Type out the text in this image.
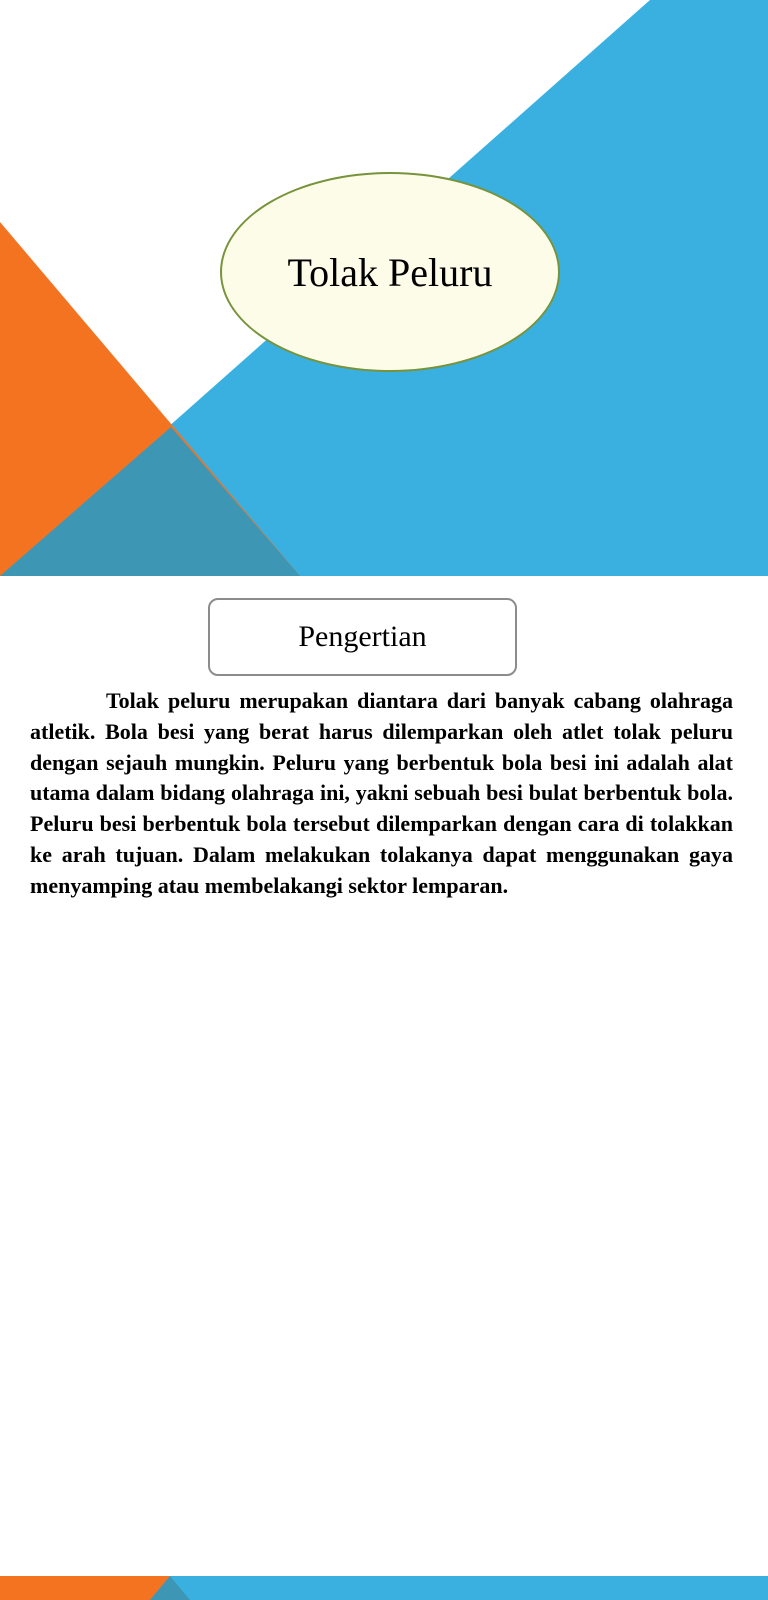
Tolak Peluru
Pengertian

Tolak peluru merupakan diantara dari banyak cabang olahraga atletik. Bola besi yang berat harus dilemparkan oleh atlet tolak peluru dengan sejauh mungkin. Peluru yang berbentuk bola besi ini adalah alat utama dalam bidang olahraga ini, yakni sebuah besi bulat berbentuk bola. Peluru besi berbentuk bola tersebut dilemparkan dengan cara di tolakkan ke arah tujuan. Dalam melakukan tolakanya dapat menggunakan gaya menyamping atau membelakangi sektor lemparan.
